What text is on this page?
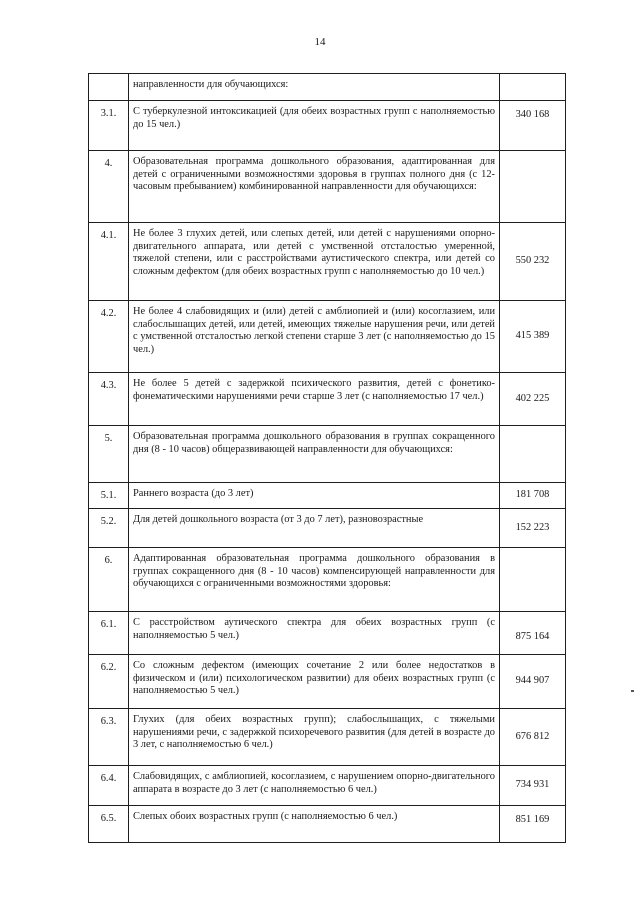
14
	направленности для обучающихся:	
3.1.	С туберкулезной интоксикацией (для обеих возрастных групп с наполняемостью до 15 чел.)	340 168
4.	Образовательная программа дошкольного образования, адаптированная для детей с ограниченными возможностями здоровья в группах полного дня (с 12-часовым пребыванием) комбинированной направленности для обучающихся:	
4.1.	Не более 3 глухих детей, или слепых детей, или детей с нарушениями опорно-двигательного аппарата, или детей с умственной отсталостью умеренной, тяжелой степени, или с расстройствами аутистического спектра, или детей со сложным дефектом (для обеих возрастных групп с наполняемостью до 10 чел.)	550 232
4.2.	Не более 4 слабовидящих и (или) детей с амблиопией и (или) косоглазием, или слабослышащих детей, или детей, имеющих тяжелые нарушения речи, или детей с умственной отсталостью легкой степени старше 3 лет (с наполняемостью до 15 чел.)	415 389
4.3.	Не более 5 детей с задержкой психического развития, детей с фонетико-фонематическими нарушениями речи старше 3 лет (с наполняемостью 17 чел.)	402 225
5.	Образовательная программа дошкольного образования в группах сокращенного дня (8 - 10 часов) общеразвивающей направленности для обучающихся:	
5.1.	Раннего возраста (до 3 лет)	181 708
5.2.	Для детей дошкольного возраста (от 3 до 7 лет), разновозрастные	152 223
6.	Адаптированная образовательная программа дошкольного образования в группах сокращенного дня (8 - 10 часов) компенсирующей направленности для обучающихся с ограниченными возможностями здоровья:	
6.1.	С расстройством аутического спектра для обеих возрастных групп (с наполняемостью 5 чел.)	875 164
6.2.	Со сложным дефектом (имеющих сочетание 2 или более недостатков в физическом и (или) психологическом развитии) для обеих возрастных групп (с наполняемостью 5 чел.)	944 907
6.3.	Глухих (для обеих возрастных групп); слабослышащих, с тяжелыми нарушениями речи, с задержкой психоречевого развития (для детей в возрасте до 3 лет, с наполняемостью 6 чел.)	676 812
6.4.	Слабовидящих, с амблиопией, косоглазием, с нарушением опорно-двигательного аппарата в возрасте до 3 лет (с наполняемостью 6 чел.)	734 931
6.5.	Слепых обоих возрастных групп (с наполняемостью 6 чел.)	851 169
